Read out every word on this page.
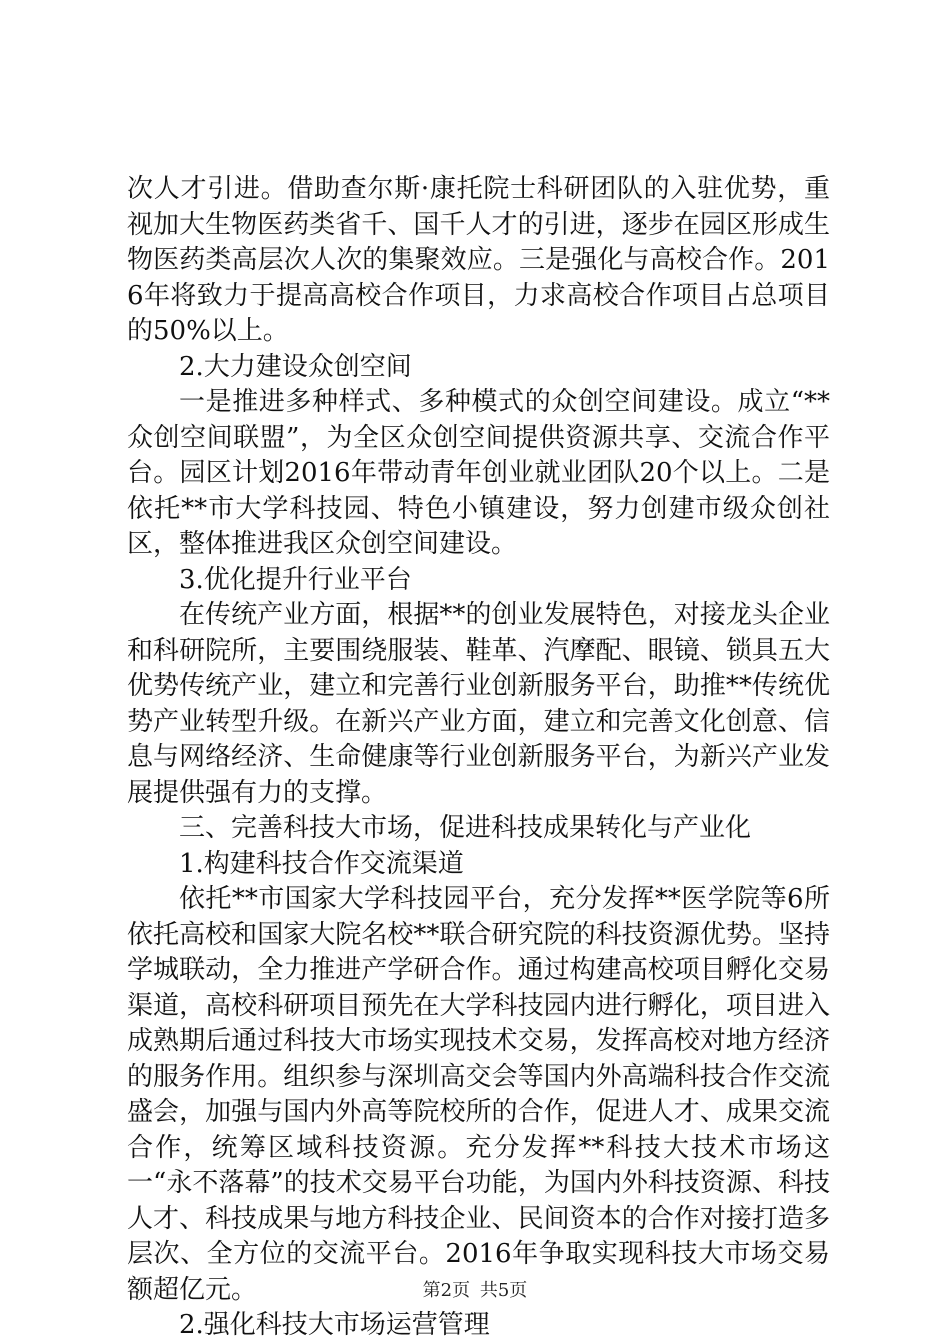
次人才引进。借助查尔斯·康托院士科研团队的入驻优势，重视加大生物医药类省千、国千人才的引进，逐步在园区形成生物医药类高层次人次的集聚效应。三是强化与高校合作。2016年将致力于提高高校合作项目，力求高校合作项目占总项目的50%以上。

2.大力建设众创空间

一是推进多种样式、多种模式的众创空间建设。成立“**众创空间联盟”，为全区众创空间提供资源共享、交流合作平台。园区计划2016年带动青年创业就业团队20个以上。二是依托**市大学科技园、特色小镇建设，努力创建市级众创社区，整体推进我区众创空间建设。

3.优化提升行业平台

在传统产业方面，根据**的创业发展特色，对接龙头企业和科研院所，主要围绕服装、鞋革、汽摩配、眼镜、锁具五大优势传统产业，建立和完善行业创新服务平台，助推**传统优势产业转型升级。在新兴产业方面，建立和完善文化创意、信息与网络经济、生命健康等行业创新服务平台，为新兴产业发展提供强有力的支撑。

三、完善科技大市场，促进科技成果转化与产业化

1.构建科技合作交流渠道

依托**市国家大学科技园平台，充分发挥**医学院等6所依托高校和国家大院名校**联合研究院的科技资源优势。坚持学城联动，全力推进产学研合作。通过构建高校项目孵化交易渠道，高校科研项目预先在大学科技园内进行孵化，项目进入成熟期后通过科技大市场实现技术交易，发挥高校对地方经济的服务作用。组织参与深圳高交会等国内外高端科技合作交流盛会，加强与国内外高等院校所的合作，促进人才、成果交流合作，统筹区域科技资源。充分发挥**科技大技术市场这一“永不落幕”的技术交易平台功能，为国内外科技资源、科技人才、科技成果与地方科技企业、民间资本的合作对接打造多层次、全方位的交流平台。2016年争取实现科技大市场交易额超亿元。

2.强化科技大市场运营管理

第2页 共5页
